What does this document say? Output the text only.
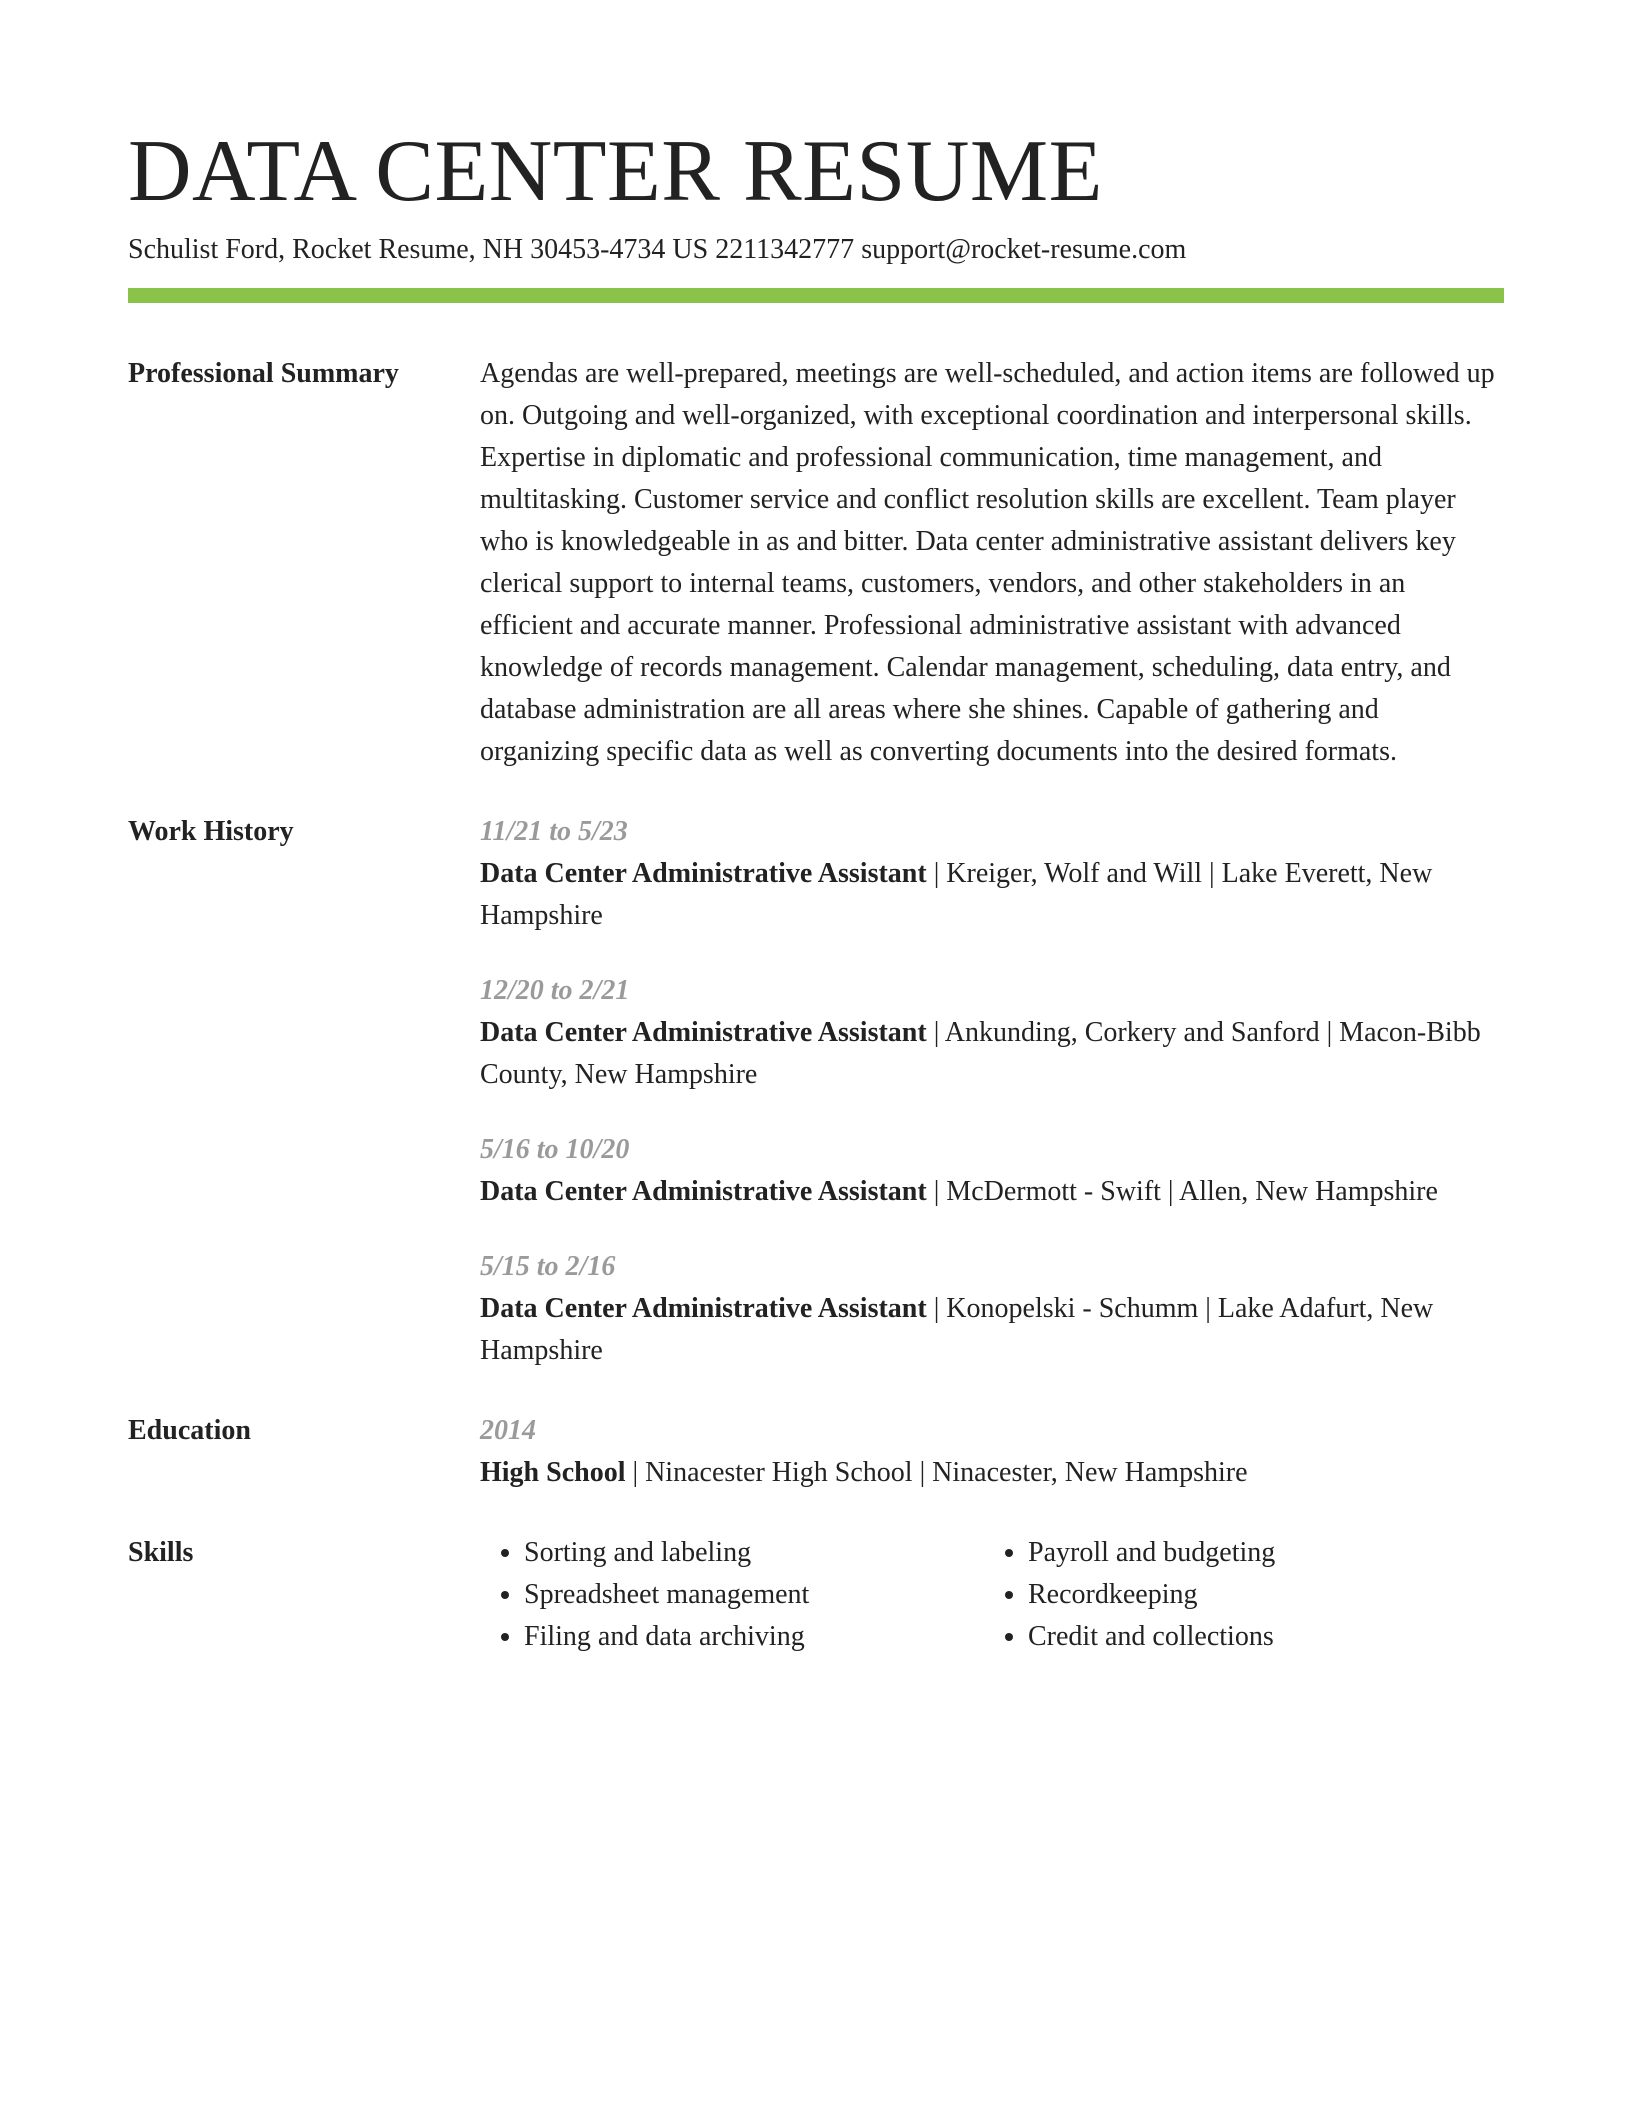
DATA CENTER RESUME
Schulist Ford, Rocket Resume, NH 30453-4734 US 2211342777 support@rocket-resume.com
Professional Summary	Agendas are well-prepared, meetings are well-scheduled, and action items are followed up on. Outgoing and well-organized, with exceptional coordination and interpersonal skills. Expertise in diplomatic and professional communication, time management, and multitasking. Customer service and conflict resolution skills are excellent. Team player who is knowledgeable in as and bitter. Data center administrative assistant delivers key clerical support to internal teams, customers, vendors, and other stakeholders in an efficient and accurate manner. Professional administrative assistant with advanced knowledge of records management. Calendar management, scheduling, data entry, and database administration are all areas where she shines. Capable of gathering and organizing specific data as well as converting documents into the desired formats.
Work History	11/21 to 5/23
Data Center Administrative Assistant | Kreiger, Wolf and Will | Lake Everett, New Hampshire
12/20 to 2/21
Data Center Administrative Assistant | Ankunding, Corkery and Sanford | Macon-Bibb County, New Hampshire
5/16 to 10/20
Data Center Administrative Assistant | McDermott - Swift | Allen, New Hampshire
5/15 to 2/16
Data Center Administrative Assistant | Konopelski - Schumm | Lake Adafurt, New Hampshire
Education	2014
High School | Ninacester High School | Ninacester, New Hampshire
Skills
•	Sorting and labeling
• Spreadsheet management
• Filing and data archiving
• Payroll and budgeting
• Recordkeeping
• Credit and collections
